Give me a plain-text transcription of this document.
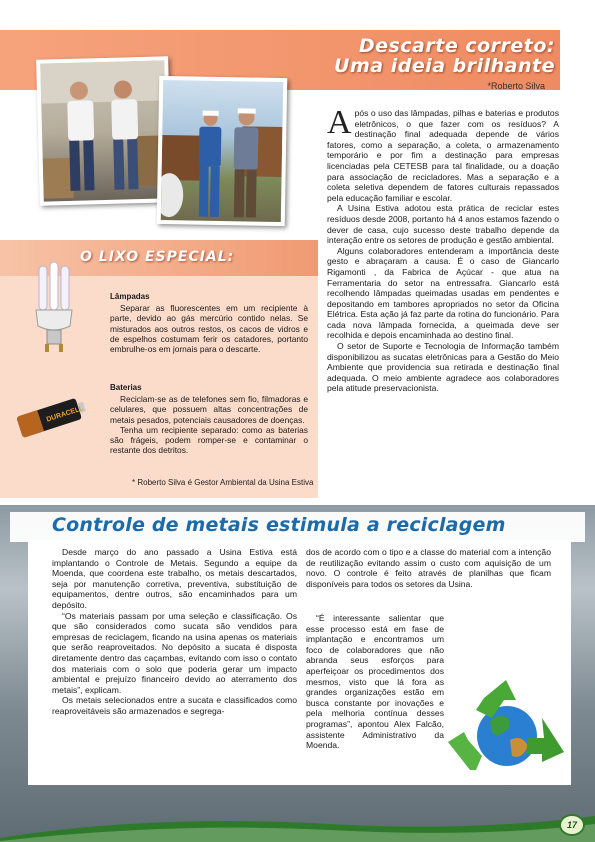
Descarte correto:
Uma ideia brilhante
*Roberto Silva
A pós o uso das lâmpadas, pilhas e baterias e produtos eletrônicos, o que fazer com os resíduos? A destinação final adequada depende de vários fatores, como a separação, a coleta, o armazenamento temporário e por fim a destinação para empresas licenciadas pela CETESB para tal finalidade, ou a doação para associação de recicladores. Mas a separação e a coleta seletiva dependem de fatores culturais repassados pela educação familiar e escolar.

A Usina Estiva adotou esta prática de reciclar estes resíduos desde 2008, portanto há 4 anos estamos fazendo o dever de casa, cujo sucesso deste trabalho depende da interação entre os setores de produção e gestão ambiental.

Alguns colaboradores entenderam a importância deste gesto e abraçaram a causa. É o caso de Giancarlo Rigamonti , da Fabrica de Açúcar - que atua na Ferramentaria do setor na entressafra. Giancarlo está recolhendo lâmpadas queimadas usadas em pendentes e depositando em tambores apropriados no setor da Oficina Elétrica. Esta ação já faz parte da rotina do funcionário. Para cada nova lâmpada fornecida, a queimada deve ser recolhida e depois encaminhada ao destino final.

O setor de Suporte e Tecnologia de Informação também disponibilizou as sucatas eletrônicas para a Gestão do Meio Ambiente que providencia sua retirada e destinação final adequada. O meio ambiente agradece aos colaboradores pela atitude preservacionista.

O LIXO ESPECIAL:
DURACELL
Lâmpadas

Separar as fluorescentes em um recipiente à parte, devido ao gás mercúrio contido nelas. Se misturados aos outros restos, os cacos de vidros e de espelhos costumam ferir os catadores, portanto embrulhe-os em jornais para o descarte.

Baterias

Reciclam-se as de telefones sem fio, filmadoras e celulares, que possuem altas concentrações de metais pesados, potenciais causadores de doenças.

Tenha um recipiente separado: como as baterias são frágeis, podem romper-se e contaminar o restante dos detritos.

* Roberto Silva é Gestor Ambiental da Usina Estiva
Controle de metais estimula a reciclagem

Desde março do ano passado a Usina Estiva está implantando o Controle de Metais. Segundo a equipe da Moenda, que coordena este trabalho, os metais descartados, seja por manutenção corretiva, preventiva, substituição de equipamentos, dentre outros, são encaminhados para um depósito.

“Os materiais passam por uma seleção e classificação. Os que são considerados como sucata são vendidos para empresas de reciclagem, ficando na usina apenas os materiais que serão reaproveitados. No depósito a sucata é disposta diretamente dentro das caçambas, evitando com isso o contato dos materiais com o solo que poderia gerar um impacto ambiental e prejuízo financeiro devido ao aterramento dos metais”, explicam.

Os metais selecionados entre a sucata e classificados como reaproveitáveis são armazenados e segrega-

dos de acordo com o tipo e a classe do material com a intenção de reutilização evitando assim o custo com aquisição de um novo. O controle é feito através de planilhas que ficam disponíveis para todos os setores da Usina.

“É interessante salientar que esse processo está em fase de implantação e encontramos um foco de colaboradores que não abranda seus esforços para aperfeiçoar os procedimentos dos mesmos, visto que lá fora as grandes organizações estão em busca constante por inovações e pela melhoria contínua desses programas”, apontou Alex Falcão, assistente Administrativo da Moenda.

17
